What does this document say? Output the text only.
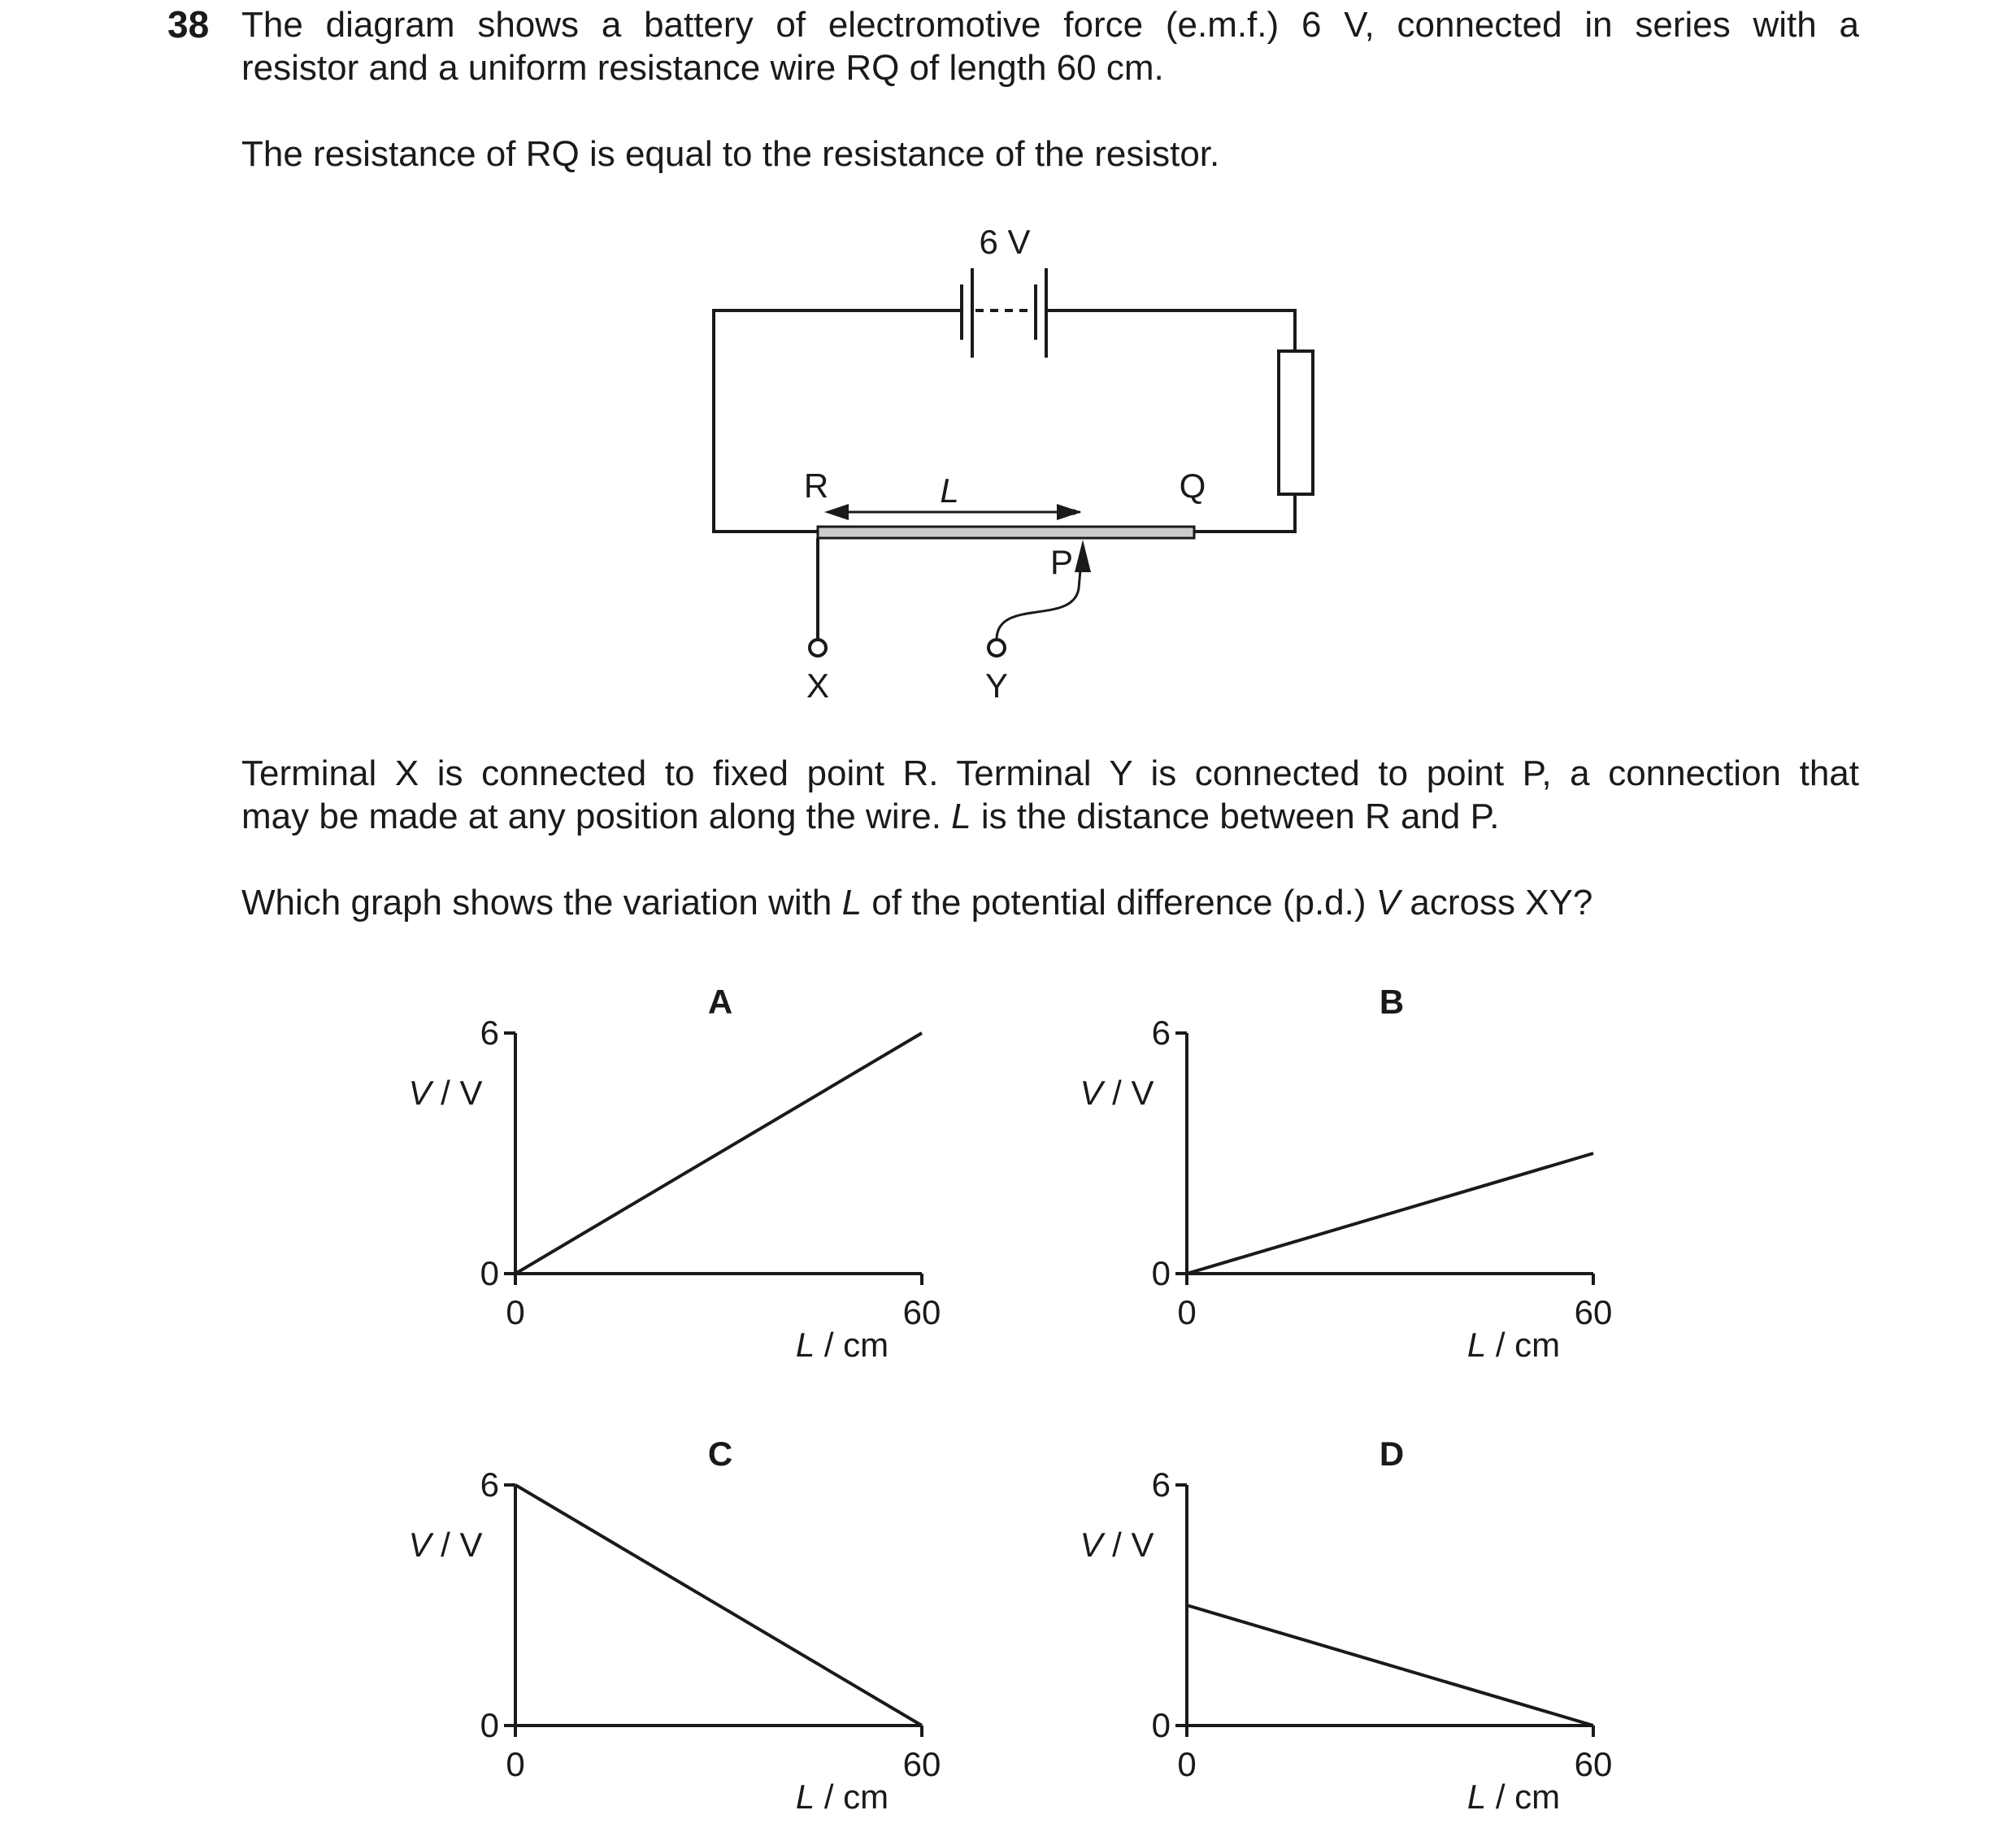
38 The diagram shows a battery of electromotive force (e.m.f.) 6 V, connected in series with a
resistor and a uniform resistance wire RQ of length 60 cm.
The resistance of RQ is equal to the resistance of the resistor.
Terminal X is connected to fixed point R. Terminal Y is connected to point P, a connection that
may be made at any position along the wire. L is the distance between R and P.
Which graph shows the variation with L of the potential difference (p.d.) V across XY?
6 V
R	Q
L
X	Y
P
A
6
0
0	60
V / V
L / cm
B
6
0
0	60
V / V
L / cm
C
6
0
0	60
V / V
L / cm
D
6
0
0	60
V / V
L / cm
